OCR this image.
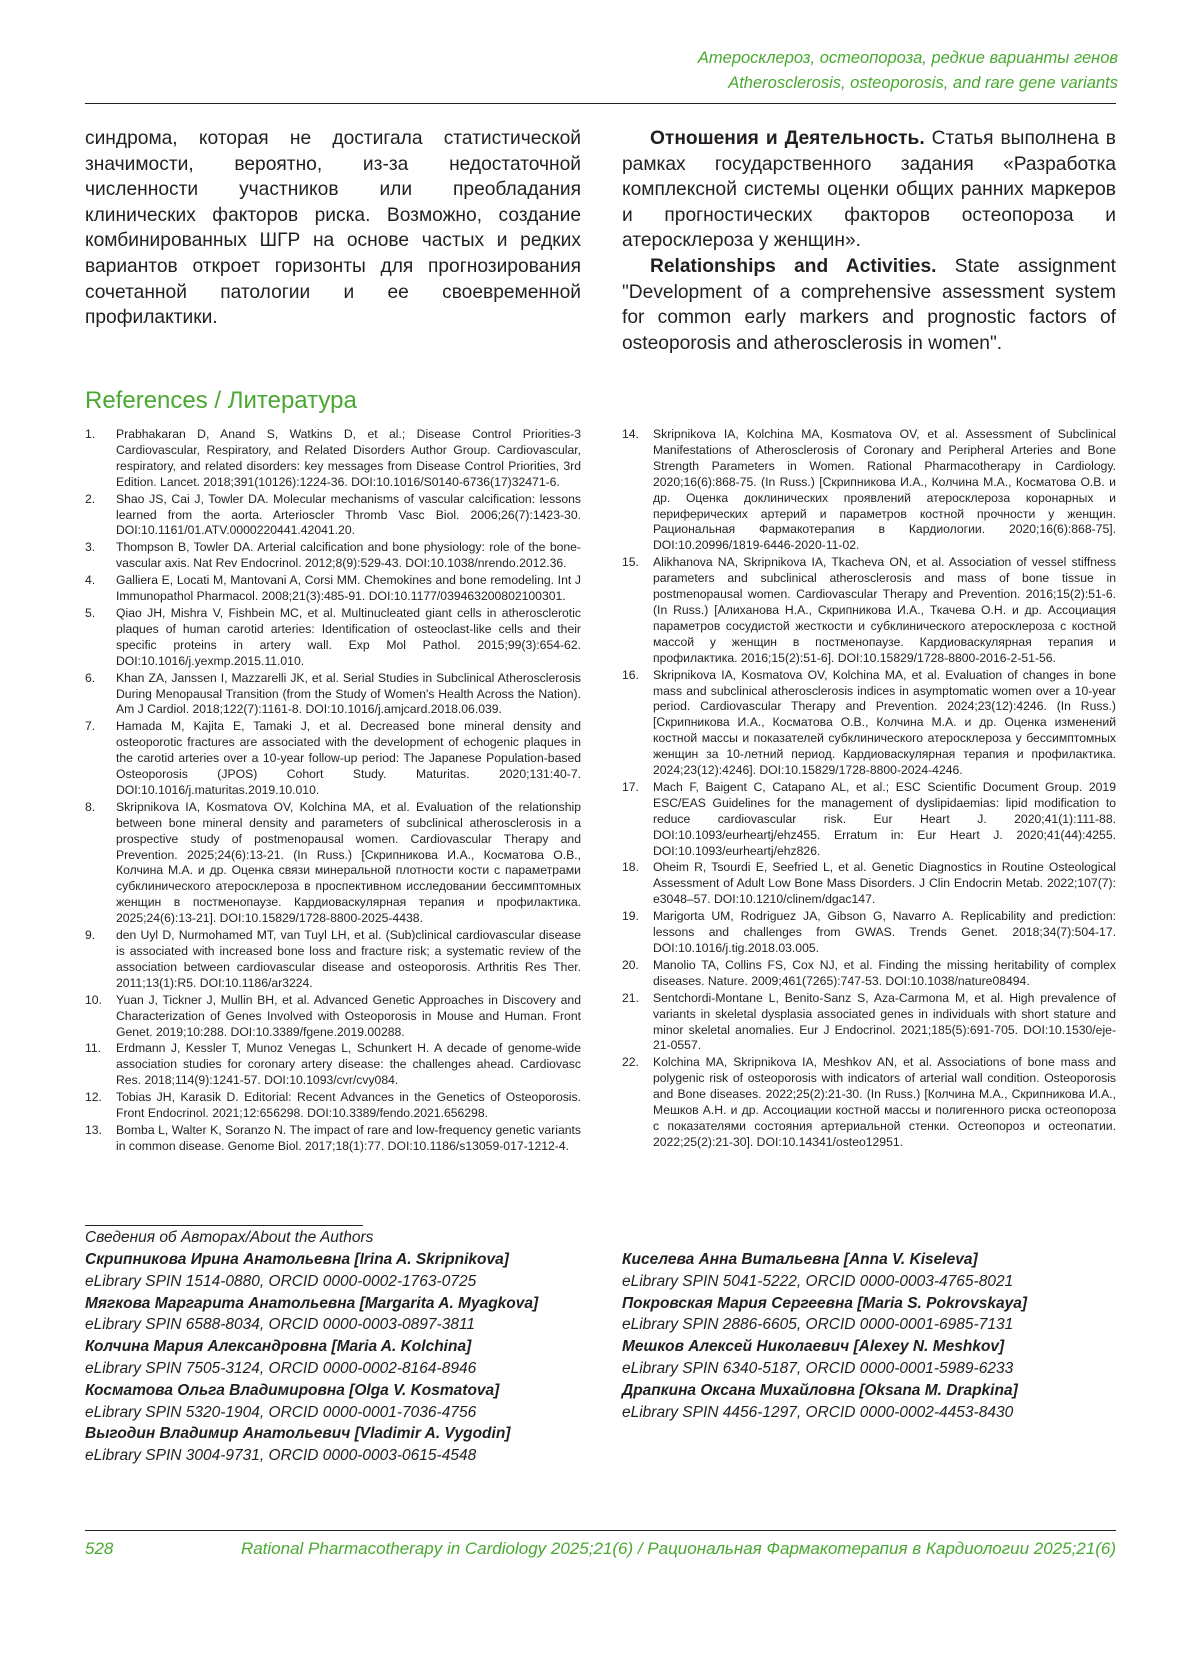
Атеросклероз, остеопороза, редкие варианты генов
Atherosclerosis, osteoporosis, and rare gene variants

синдрома, которая не достигала статистической значимости, вероятно, из-за недостаточной численности участников или преобладания клинических факторов риска. Возможно, создание комбинированных ШГР на основе частых и редких вариантов откроет горизонты для прогнозирования сочетанной патологии и ее своевременной профилактики.

Отношения и Деятельность. Статья выполнена в рамках государственного задания «Разработка комплексной системы оценки общих ранних маркеров и прогностических факторов остеопороза и атеросклероза у женщин».

Relationships and Activities. State assignment "Development of a comprehensive assessment system for common early markers and prognostic factors of osteoporosis and atherosclerosis in women".

References / Литература
1. Prabhakaran D, Anand S, Watkins D, et al.; Disease Control Priorities-3 Cardiovascular, Respiratory, and Related Disorders Author Group. Cardiovascular, respiratory, and related disorders: key messages from Disease Control Priorities, 3rd Edition. Lancet. 2018;391(10126):1224-36. DOI:10.1016/S0140-6736(17)32471-6.
2. Shao JS, Cai J, Towler DA. Molecular mechanisms of vascular calcification: lessons learned from the aorta. Arterioscler Thromb Vasc Biol. 2006;26(7):1423-30. DOI:10.1161/01.ATV.0000220441.42041.20.
3. Thompson B, Towler DA. Arterial calcification and bone physiology: role of the bone-vascular axis. Nat Rev Endocrinol. 2012;8(9):529-43. DOI:10.1038/nrendo.2012.36.
4. Galliera E, Locati M, Mantovani A, Corsi MM. Chemokines and bone remodeling. Int J Immunopathol Pharmacol. 2008;21(3):485-91. DOI:10.1177/039463200802100301.
5. Qiao JH, Mishra V, Fishbein MC, et al. Multinucleated giant cells in atherosclerotic plaques of human carotid arteries: Identification of osteoclast-like cells and their specific proteins in artery wall. Exp Mol Pathol. 2015;99(3):654-62. DOI:10.1016/j.yexmp.2015.11.010.
6. Khan ZA, Janssen I, Mazzarelli JK, et al. Serial Studies in Subclinical Atherosclerosis During Menopausal Transition (from the Study of Women's Health Across the Nation). Am J Cardiol. 2018;122(7):1161-8. DOI:10.1016/j.amjcard.2018.06.039.
7. Hamada M, Kajita E, Tamaki J, et al. Decreased bone mineral density and osteoporotic fractures are associated with the development of echogenic plaques in the carotid arteries over a 10-year follow-up period: The Japanese Population-based Osteoporosis (JPOS) Cohort Study. Maturitas. 2020;131:40-7. DOI:10.1016/j.maturitas.2019.10.010.
8. Skripnikova IA, Kosmatova OV, Kolchina MA, et al. Evaluation of the relationship between bone mineral density and parameters of subclinical atherosclerosis in a prospective study of postmenopausal women. Cardiovascular Therapy and Prevention. 2025;24(6):13-21. (In Russ.) [Скрипникова И.А., Косматова О.В., Колчина М.А. и др. Оценка связи минеральной плотности кости с параметрами субклинического атеросклероза в проспективном исследовании бессимптомных женщин в постменопаузе. Кардиоваскулярная терапия и профилактика. 2025;24(6):13-21]. DOI:10.15829/1728-8800-2025-4438.
9. den Uyl D, Nurmohamed MT, van Tuyl LH, et al. (Sub)clinical cardiovascular disease is associated with increased bone loss and fracture risk; a systematic review of the association between cardiovascular disease and osteoporosis. Arthritis Res Ther. 2011;13(1):R5. DOI:10.1186/ar3224.
10. Yuan J, Tickner J, Mullin BH, et al. Advanced Genetic Approaches in Discovery and Characterization of Genes Involved with Osteoporosis in Mouse and Human. Front Genet. 2019;10:288. DOI:10.3389/fgene.2019.00288.
11. Erdmann J, Kessler T, Munoz Venegas L, Schunkert H. A decade of genome-wide association studies for coronary artery disease: the challenges ahead. Cardiovasc Res. 2018;114(9):1241-57. DOI:10.1093/cvr/cvy084.
12. Tobias JH, Karasik D. Editorial: Recent Advances in the Genetics of Osteoporosis. Front Endocrinol. 2021;12:656298. DOI:10.3389/fendo.2021.656298.
13. Bomba L, Walter K, Soranzo N. The impact of rare and low-frequency genetic variants in common disease. Genome Biol. 2017;18(1):77. DOI:10.1186/s13059-017-1212-4.
14. Skripnikova IA, Kolchina MA, Kosmatova OV, et al. Assessment of Subclinical Manifestations of Atherosclerosis of Coronary and Peripheral Arteries and Bone Strength Parameters in Women. Rational Pharmacotherapy in Cardiology. 2020;16(6):868-75. (In Russ.) [Скрипникова И.А., Колчина М.А., Косматова О.В. и др. Оценка доклинических проявлений атеросклероза коронарных и периферических артерий и параметров костной прочности у женщин. Рациональная Фармакотерапия в Кардиологии. 2020;16(6):868-75]. DOI:10.20996/1819-6446-2020-11-02.
15. Alikhanova NA, Skripnikova IA, Tkacheva ON, et al. Association of vessel stiffness parameters and subclinical atherosclerosis and mass of bone tissue in postmenopausal women. Cardiovascular Therapy and Prevention. 2016;15(2):51-6. (In Russ.) [Алиханова Н.А., Скрипникова И.А., Ткачева О.Н. и др. Ассоциация параметров сосудистой жесткости и субклинического атеросклероза с костной массой у женщин в постменопаузе. Кардиоваскулярная терапия и профилактика. 2016;15(2):51-6]. DOI:10.15829/1728-8800-2016-2-51-56.
16. Skripnikova IA, Kosmatova OV, Kolchina MA, et al. Evaluation of changes in bone mass and subclinical atherosclerosis indices in asymptomatic women over a 10-year period. Cardiovascular Therapy and Prevention. 2024;23(12):4246. (In Russ.) [Скрипникова И.А., Косматова О.В., Колчина М.А. и др. Оценка изменений костной массы и показателей субклинического атеросклероза у бессимптомных женщин за 10-летний период. Кардиоваскулярная терапия и профилактика. 2024;23(12):4246]. DOI:10.15829/1728-8800-2024-4246.
17. Mach F, Baigent C, Catapano AL, et al.; ESC Scientific Document Group. 2019 ESC/EAS Guidelines for the management of dyslipidaemias: lipid modification to reduce cardiovascular risk. Eur Heart J. 2020;41(1):111-88. DOI:10.1093/eurheartj/ehz455. Erratum in: Eur Heart J. 2020;41(44):4255. DOI:10.1093/eurheartj/ehz826.
18. Oheim R, Tsourdi E, Seefried L, et al. Genetic Diagnostics in Routine Osteological Assessment of Adult Low Bone Mass Disorders. J Clin Endocrin Metab. 2022;107(7): e3048–57. DOI:10.1210/clinem/dgac147.
19. Marigorta UM, Rodriguez JA, Gibson G, Navarro A. Replicability and prediction: lessons and challenges from GWAS. Trends Genet. 2018;34(7):504-17. DOI:10.1016/j.tig.2018.03.005.
20. Manolio TA, Collins FS, Cox NJ, et al. Finding the missing heritability of complex diseases. Nature. 2009;461(7265):747-53. DOI:10.1038/nature08494.
21. Sentchordi-Montane L, Benito-Sanz S, Aza-Carmona M, et al. High prevalence of variants in skeletal dysplasia associated genes in individuals with short stature and minor skeletal anomalies. Eur J Endocrinol. 2021;185(5):691-705. DOI:10.1530/eje-21-0557.
22. Kolchina MA, Skripnikova IA, Meshkov AN, et al. Associations of bone mass and polygenic risk of osteoporosis with indicators of arterial wall condition. Osteoporosis and Bone diseases. 2022;25(2):21-30. (In Russ.) [Колчина М.А., Скрипникова И.А., Мешков А.Н. и др. Ассоциации костной массы и полигенного риска остеопороза с показателями состояния артериальной стенки. Остеопороз и остеопатии. 2022;25(2):21-30]. DOI:10.14341/osteo12951.
Сведения об Авторах/About the Authors
Скрипникова Ирина Анатольевна [Irina A. Skripnikova]
eLibrary SPIN 1514-0880, ORCID 0000-0002-1763-0725
Мягкова Маргарита Анатольевна [Margarita A. Myagkova]
eLibrary SPIN 6588-8034, ORCID 0000-0003-0897-3811
Колчина Мария Александровна [Maria A. Kolchina]
eLibrary SPIN 7505-3124, ORCID 0000-0002-8164-8946
Косматова Ольга Владимировна [Olga V. Kosmatova]
eLibrary SPIN 5320-1904, ORCID 0000-0001-7036-4756
Выгодин Владимир Анатольевич [Vladimir A. Vygodin]
eLibrary SPIN 3004-9731, ORCID 0000-0003-0615-4548
Киселева Анна Витальевна [Anna V. Kiseleva]
eLibrary SPIN 5041-5222, ORCID 0000-0003-4765-8021
Покровская Мария Сергеевна [Maria S. Pokrovskaya]
eLibrary SPIN 2886-6605, ORCID 0000-0001-6985-7131
Мешков Алексей Николаевич [Alexey N. Meshkov]
eLibrary SPIN 6340-5187, ORCID 0000-0001-5989-6233
Драпкина Оксана Михайловна [Oksana M. Drapkina]
eLibrary SPIN 4456-1297, ORCID 0000-0002-4453-8430
528	Rational Pharmacotherapy in Cardiology 2025;21(6) / Рациональная Фармакотерапия в Кардиологии 2025;21(6)
